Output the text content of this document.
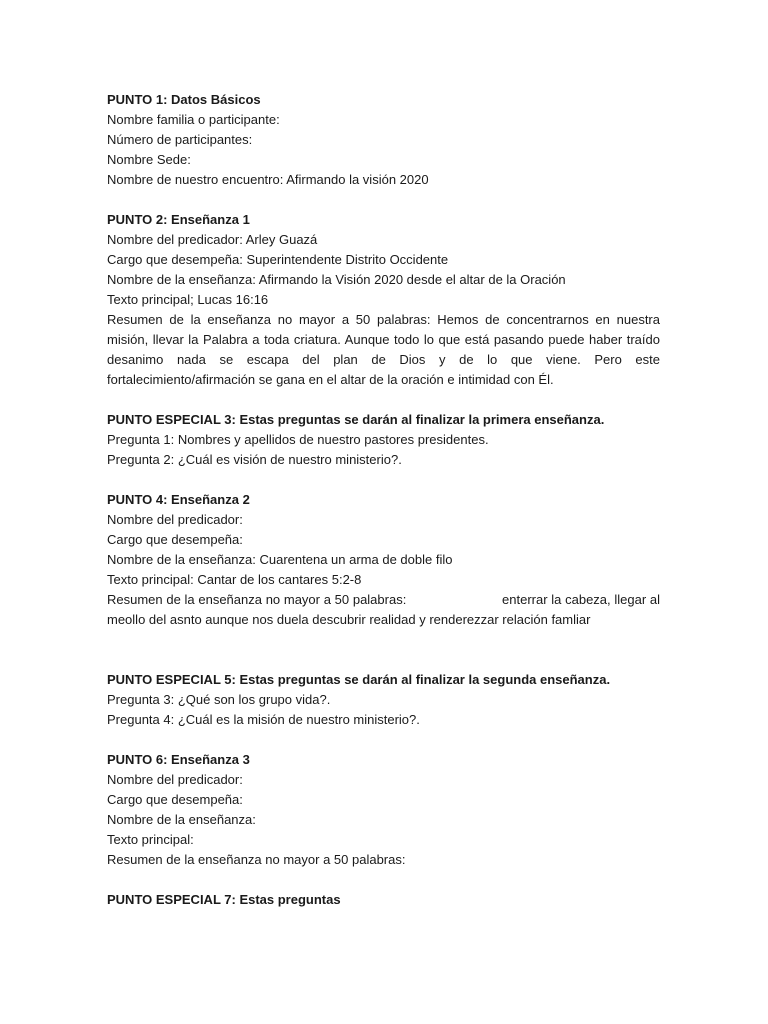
PUNTO 1: Datos Básicos
Nombre familia o participante:
Número de participantes:
Nombre Sede:
Nombre de nuestro encuentro: Afirmando la visión 2020
PUNTO 2: Enseñanza 1
Nombre del predicador: Arley Guazá
Cargo que desempeña: Superintendente Distrito Occidente
Nombre de la enseñanza: Afirmando la Visión 2020 desde el altar de la Oración
Texto principal; Lucas 16:16
Resumen de la enseñanza no mayor a 50 palabras: Hemos de concentrarnos en nuestra misión, llevar la Palabra a toda criatura. Aunque todo lo que está pasando puede haber traído desanimo nada se escapa del plan de Dios y de lo que viene. Pero este fortalecimiento/afirmación se gana en el altar de la oración e intimidad con Él.
PUNTO ESPECIAL 3: Estas preguntas se darán al finalizar la primera enseñanza.
Pregunta 1: Nombres y apellidos de nuestro pastores presidentes.
Pregunta 2: ¿Cuál es visión de nuestro ministerio?.
PUNTO 4: Enseñanza 2
Nombre del predicador:
Cargo que desempeña:
Nombre de la enseñanza: Cuarentena un arma de doble filo
Texto principal: Cantar de los cantares 5:2-8
Resumen de la enseñanza no mayor a 50 palabras:	enterrar la cabeza, llegar al meollo del asnto aunque nos duela descubrir realidad y renderezzar relación famliar
PUNTO ESPECIAL 5: Estas preguntas se darán al finalizar la segunda enseñanza.
Pregunta 3: ¿Qué son los grupo vida?.
Pregunta 4: ¿Cuál es la misión de nuestro ministerio?.
PUNTO 6: Enseñanza 3
Nombre del predicador:
Cargo que desempeña:
Nombre de la enseñanza:
Texto principal:
Resumen de la enseñanza no mayor a 50 palabras:
PUNTO ESPECIAL 7: Estas preguntas
